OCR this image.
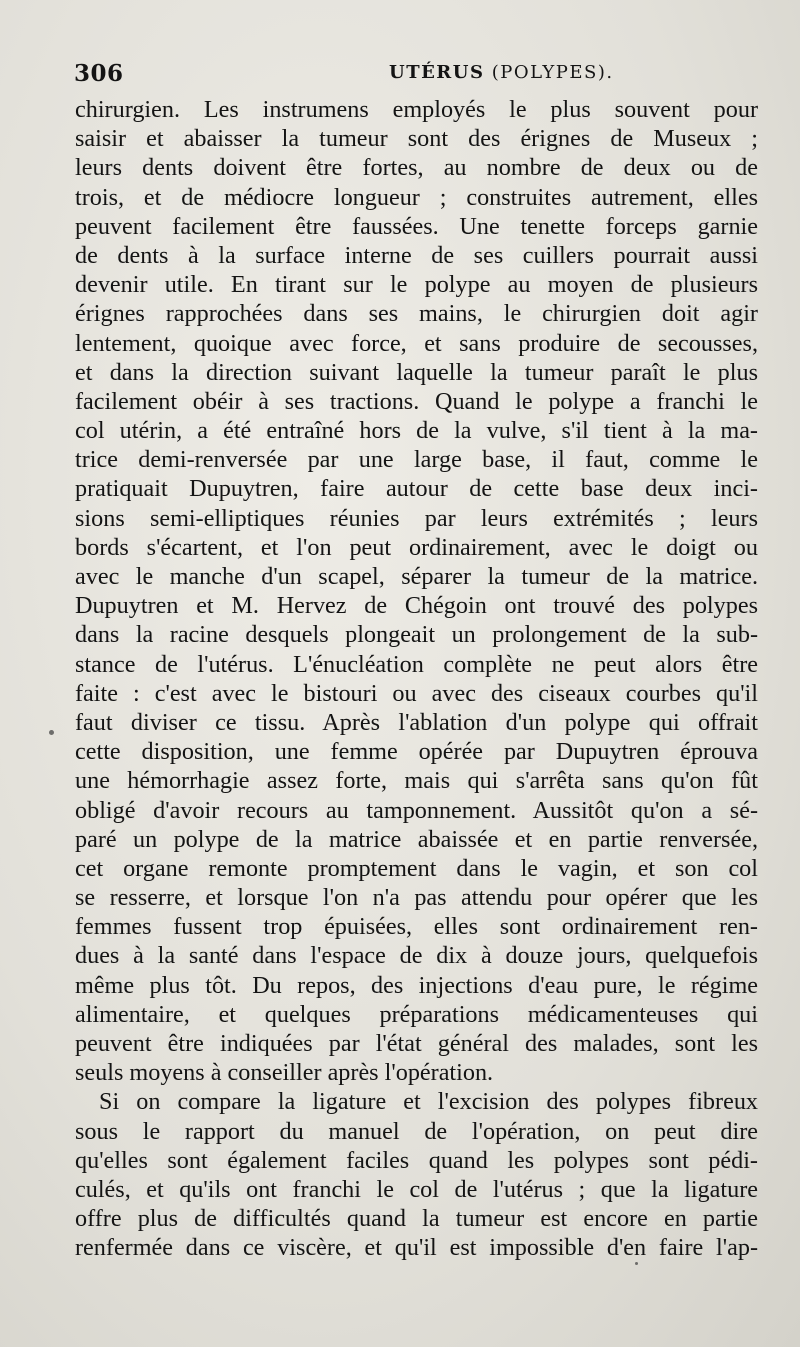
306	UTÉRUS (POLYPES).
chirurgien. Les instrumens employés le plus souvent pour
saisir et abaisser la tumeur sont des érignes de Museux ;
leurs dents doivent être fortes, au nombre de deux ou de
trois, et de médiocre longueur ; construites autrement, elles
peuvent facilement être faussées. Une tenette forceps garnie
de dents à la surface interne de ses cuillers pourrait aussi
devenir utile. En tirant sur le polype au moyen de plusieurs
érignes rapprochées dans ses mains, le chirurgien doit agir
lentement, quoique avec force, et sans produire de secousses,
et dans la direction suivant laquelle la tumeur paraît le plus
facilement obéir à ses tractions. Quand le polype a franchi le
col utérin, a été entraîné hors de la vulve, s'il tient à la ma-
trice demi-renversée par une large base, il faut, comme le
pratiquait Dupuytren, faire autour de cette base deux inci-
sions semi-elliptiques réunies par leurs extrémités ; leurs
bords s'écartent, et l'on peut ordinairement, avec le doigt ou
avec le manche d'un scapel, séparer la tumeur de la matrice.
Dupuytren et M. Hervez de Chégoin ont trouvé des polypes
dans la racine desquels plongeait un prolongement de la sub-
stance de l'utérus. L'énucléation complète ne peut alors être
faite : c'est avec le bistouri ou avec des ciseaux courbes qu'il
faut diviser ce tissu. Après l'ablation d'un polype qui offrait
cette disposition, une femme opérée par Dupuytren éprouva
une hémorrhagie assez forte, mais qui s'arrêta sans qu'on fût
obligé d'avoir recours au tamponnement. Aussitôt qu'on a sé-
paré un polype de la matrice abaissée et en partie renversée,
cet organe remonte promptement dans le vagin, et son col
se resserre, et lorsque l'on n'a pas attendu pour opérer que les
femmes fussent trop épuisées, elles sont ordinairement ren-
dues à la santé dans l'espace de dix à douze jours, quelquefois
même plus tôt. Du repos, des injections d'eau pure, le régime
alimentaire, et quelques préparations médicamenteuses qui
peuvent être indiquées par l'état général des malades, sont les
seuls moyens à conseiller après l'opération.
Si on compare la ligature et l'excision des polypes fibreux
sous le rapport du manuel de l'opération, on peut dire
qu'elles sont également faciles quand les polypes sont pédi-
culés, et qu'ils ont franchi le col de l'utérus ; que la ligature
offre plus de difficultés quand la tumeur est encore en partie
renfermée dans ce viscère, et qu'il est impossible d'en faire l'ap-
